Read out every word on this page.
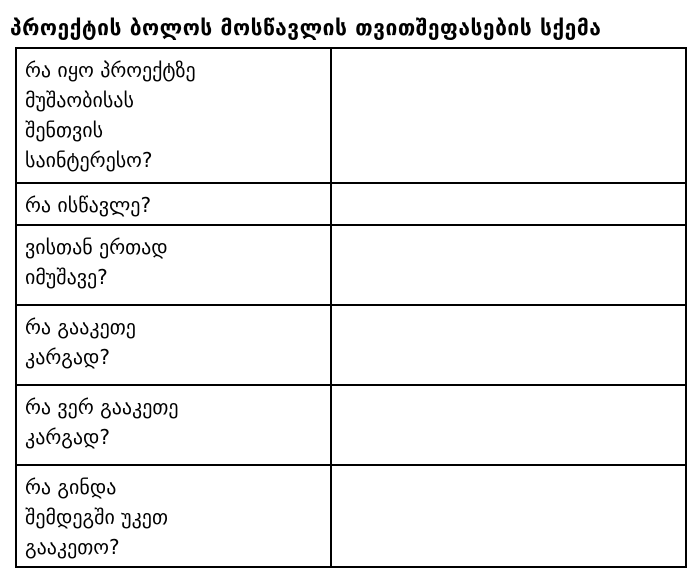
პროექტის ბოლოს მოსწავლის თვითშეფასების სქემა
რა იყო პროექტზე
მუშაობისას
შენთვის
საინტერესო?	
რა ისწავლე?	
ვისთან ერთად
იმუშავე?	
რა გააკეთე
კარგად?	
რა ვერ გააკეთე
კარგად?	
რა გინდა
შემდეგში უკეთ
გააკეთო?	
